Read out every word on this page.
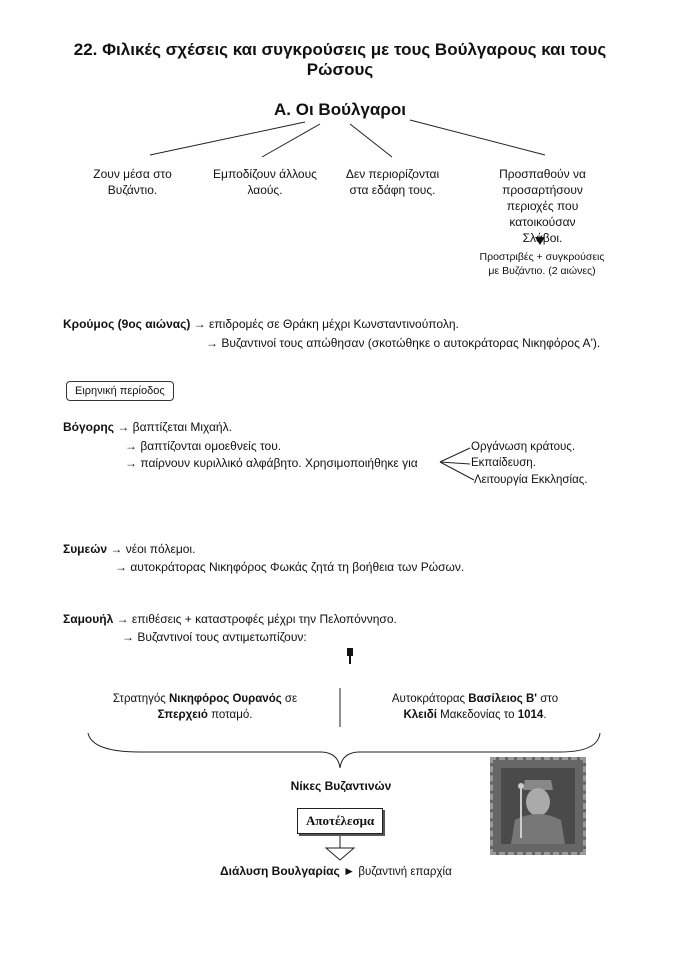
22. Φιλικές σχέσεις και συγκρούσεις με τους Βούλγαρους και τους Ρώσους
Α. Οι Βούλγαροι
Ζουν μέσα στο Βυζάντιο.
Εμποδίζουν άλλους λαούς.
Δεν περιορίζονται στα εδάφη τους.
Προσπαθούν να προσαρτήσουν περιοχές που κατοικούσαν Σλάβοι.
Προστριβές + συγκρούσεις με Βυζάντιο. (2 αιώνες)
Κρούμος (9ος αιώνας) → επιδρομές σε Θράκη μέχρι Κωνσταντινούπολη.
→ Βυζαντινοί τους απώθησαν (σκοτώθηκε ο αυτοκράτορας Νικηφόρος Α').
Ειρηνική περίοδος
Βόγορης → βαπτίζεται Μιχαήλ.
→ βαπτίζονται ομοεθνείς του.
→ παίρνουν κυριλλικό αλφάβητο. Χρησιμοποιήθηκε για
Οργάνωση κράτους.
Εκπαίδευση.
Λειτουργία Εκκλησίας.
Συμεών → νέοι πόλεμοι.
→ αυτοκράτορας Νικηφόρος Φωκάς ζητά τη βοήθεια των Ρώσων.
Σαμουήλ → επιθέσεις + καταστροφές μέχρι την Πελοπόννησο.
→ Βυζαντινοί τους αντιμετωπίζουν:
Στρατηγός Νικηφόρος Ουρανός σε
Σπερχειό ποταμό.
Αυτοκράτορας Βασίλειος Β' στο
Κλειδί Μακεδονίας το 1014.
Νίκες Βυζαντινών
Αποτέλεσμα
Διάλυση Βουλγαρίας ► βυζαντινή επαρχία
